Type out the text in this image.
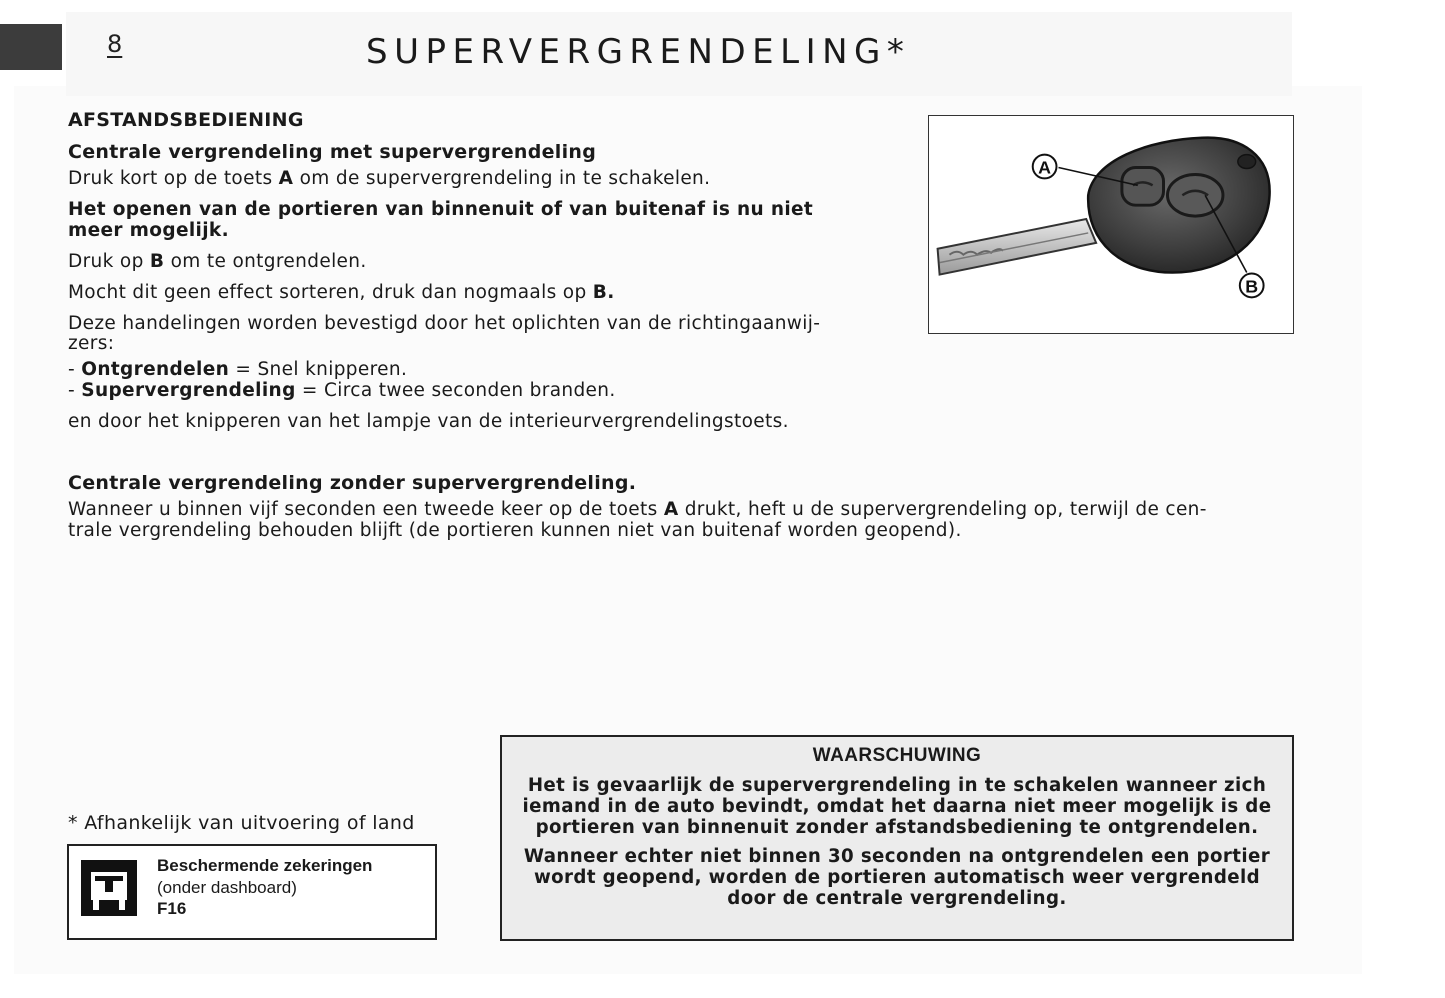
8	SUPERVERGRENDELING*
AFSTANDSBEDIENING
Centrale vergrendeling met supervergrendeling
Druk kort op de toets A om de supervergrendeling in te schakelen.
Het openen van de portieren van binnenuit of van buitenaf is nu niet
meer mogelijk.
Druk op B om te ontgrendelen.
Mocht dit geen effect sorteren, druk dan nogmaals op B.
Deze handelingen worden bevestigd door het oplichten van de richtingaanwij-
zers:
- Ontgrendelen = Snel knipperen.
- Supervergrendeling = Circa twee seconden branden.
en door het knipperen van het lampje van de interieurvergrendelingstoets.
Centrale vergrendeling zonder supervergrendeling.
Wanneer u binnen vijf seconden een tweede keer op de toets A drukt, heft u de supervergrendeling op, terwijl de cen-
trale vergrendeling behouden blijft (de portieren kunnen niet van buitenaf worden geopend).
A
B
* Afhankelijk van uitvoering of land
Beschermende zekeringen
(onder dashboard)
F16
WAARSCHUWING
Het is gevaarlijk de supervergrendeling in te schakelen wanneer zich iemand in de auto bevindt, omdat het daarna niet meer mogelijk is de portieren van binnenuit zonder afstandsbediening te ontgrendelen.
Wanneer echter niet binnen 30 seconden na ontgrendelen een portier wordt geopend, worden de portieren automatisch weer vergrendeld door de centrale vergrendeling.
